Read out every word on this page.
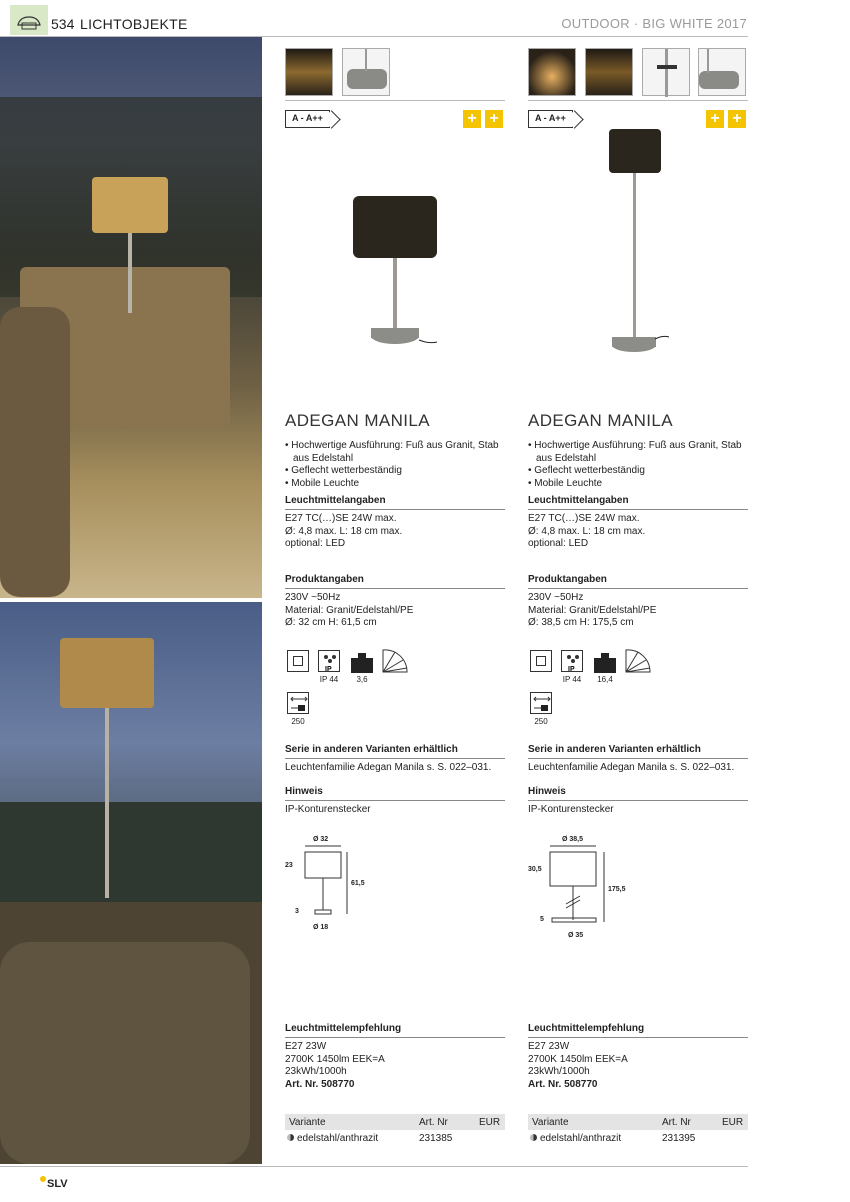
534 LICHTOBJEKTE	OUTDOOR · BIG WHITE 2017
A - A++	+ +
ADEGAN MANILA
• Hochwertige Ausführung: Fuß aus Granit, Stab aus Edelstahl
• Geflecht wetterbeständig
• Mobile Leuchte
Leuchtmittelangaben
E27 TC(…)SE 24W max.
Ø: 4,8 max. L: 18 cm max.
optional: LED
Produktangaben
230V ~50Hz
Material: Granit/Edelstahl/PE
Ø: 32 cm H: 61,5 cm
IP
IP 44	3,6
250
Serie in anderen Varianten erhältlich
Leuchtenfamilie Adegan Manila s. S. 022–031.
Hinweis
IP-Konturenstecker
Ø 32
23
61,5
3
Ø 18
Leuchtmittelempfehlung
E27 23W
2700K 1450lm EEK=A
23kWh/1000h
Art. Nr. 508770
Variante	Art. Nr	EUR
edelstahl/anthrazit	231385
A - A++	+ +
ADEGAN MANILA
• Hochwertige Ausführung: Fuß aus Granit, Stab aus Edelstahl
• Geflecht wetterbeständig
• Mobile Leuchte
Leuchtmittelangaben
E27 TC(…)SE 24W max.
Ø: 4,8 max. L: 18 cm max.
optional: LED
Produktangaben
230V ~50Hz
Material: Granit/Edelstahl/PE
Ø: 38,5 cm H: 175,5 cm
IP
IP 44	16,4
250
Serie in anderen Varianten erhältlich
Leuchtenfamilie Adegan Manila s. S. 022–031.
Hinweis
IP-Konturenstecker
Ø 38,5
30,5
175,5
5
Ø 35
Leuchtmittelempfehlung
E27 23W
2700K 1450lm EEK=A
23kWh/1000h
Art. Nr. 508770
Variante	Art. Nr	EUR
edelstahl/anthrazit	231395
SLV
